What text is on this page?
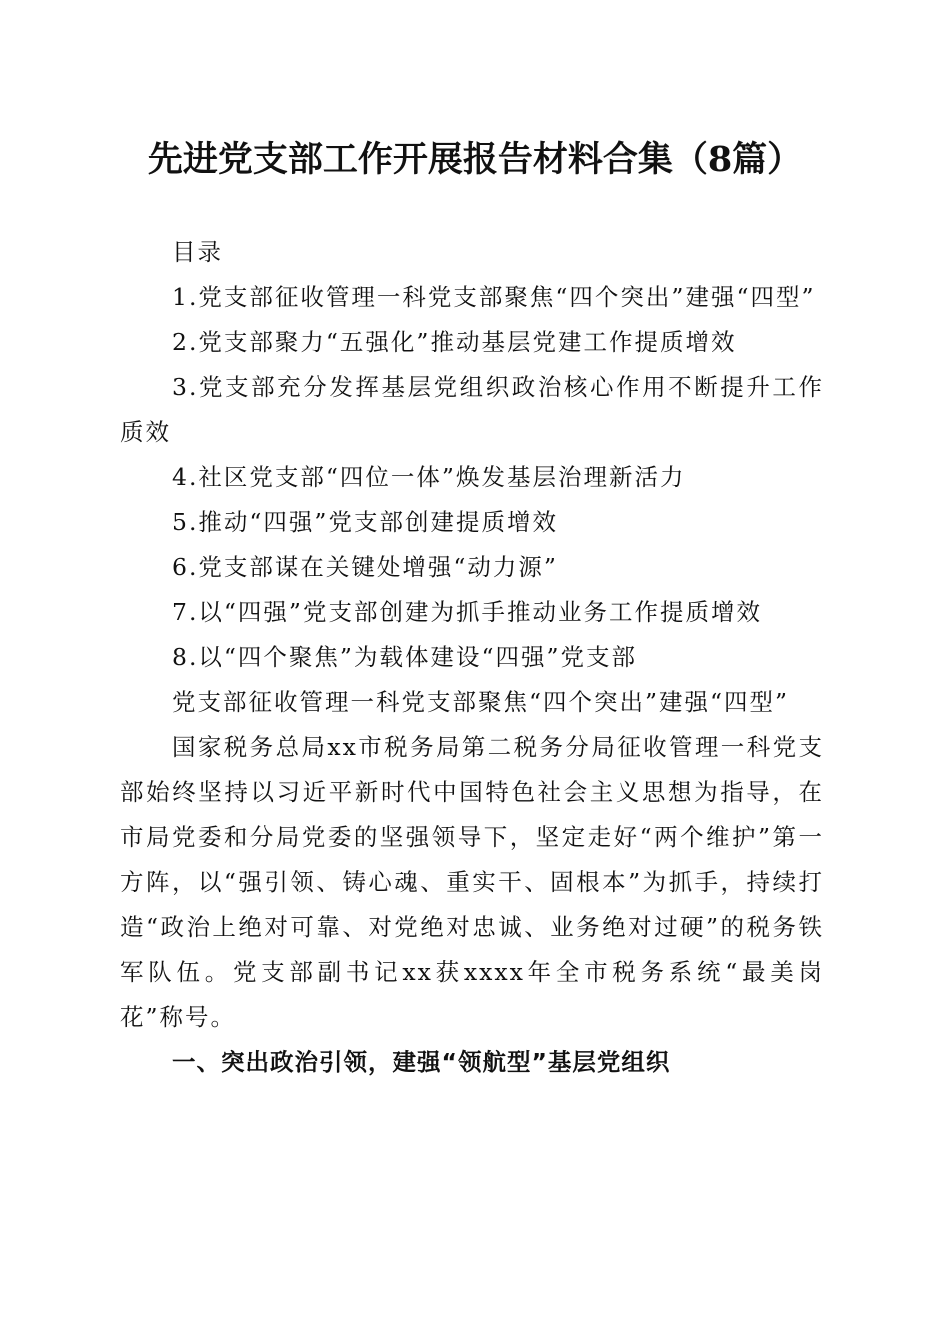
先进党支部工作开展报告材料合集（8篇）

目录

1.党支部征收管理一科党支部聚焦“四个突出”建强“四型”
2.党支部聚力“五强化”推动基层党建工作提质增效
3.党支部充分发挥基层党组织政治核心作用不断提升工作质效
4.社区党支部“四位一体”焕发基层治理新活力
5.推动“四强”党支部创建提质增效
6.党支部谋在关键处增强“动力源”
7.以“四强”党支部创建为抓手推动业务工作提质增效
8.以“四个聚焦”为载体建设“四强”党支部

党支部征收管理一科党支部聚焦“四个突出”建强“四型”

国家税务总局xx市税务局第二税务分局征收管理一科党支部始终坚持以习近平新时代中国特色社会主义思想为指导，在市局党委和分局党委的坚强领导下，坚定走好“两个维护”第一方阵，以“强引领、铸心魂、重实干、固根本”为抓手，持续打造“政治上绝对可靠、对党绝对忠诚、业务绝对过硬”的税务铁军队伍。党支部副书记xx获xxxx年全市税务系统“最美岗花”称号。

一、突出政治引领，建强“领航型”基层党组织
